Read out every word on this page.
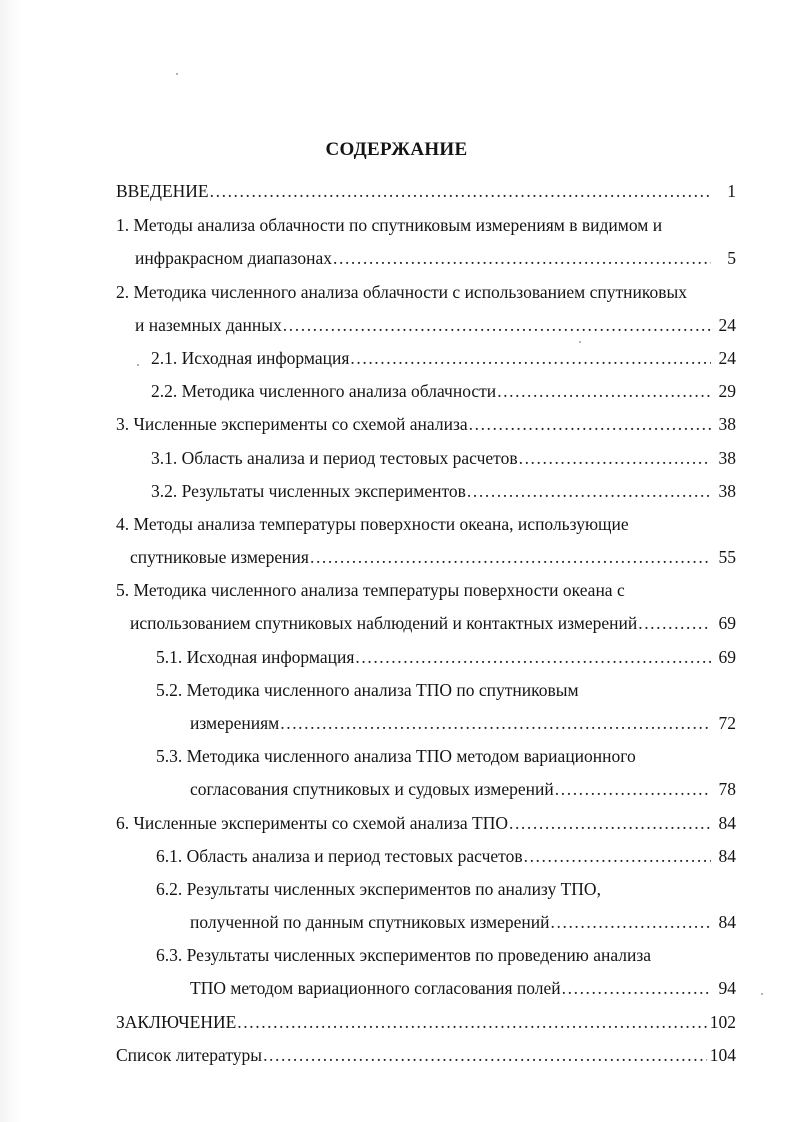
СОДЕРЖАНИЕ
ВВЕДЕНИЕ .....	1
1. Методы анализа облачности по спутниковым измерениям в видимом и
инфракрасном диапазонах .....	5
2. Методика численного анализа облачности с использованием спутниковых
и наземных данных .....	24
2.1. Исходная информация .....	24
2.2. Методика численного анализа облачности .....	29
3. Численные эксперименты со схемой анализа .....	38
3.1. Область анализа и период тестовых расчетов .....	38
3.2. Результаты численных экспериментов .....	38
4. Методы анализа температуры поверхности океана, использующие
спутниковые измерения .....	55
5. Методика численного анализа температуры поверхности океана с
использованием спутниковых наблюдений и контактных измерений .....	69
5.1. Исходная информация .....	69
5.2. Методика численного анализа ТПО по спутниковым
измерениям .....	72
5.3. Методика численного анализа ТПО методом вариационного
согласования спутниковых и судовых измерений .....	78
6. Численные эксперименты со схемой анализа ТПО .....	84
6.1. Область анализа и период тестовых расчетов .....	84
6.2. Результаты численных экспериментов по анализу ТПО,
полученной по данным спутниковых измерений .....	84
6.3. Результаты численных экспериментов по проведению анализа
ТПО методом вариационного согласования полей .....	94
ЗАКЛЮЧЕНИЕ .....	102
Список литературы .....	104
